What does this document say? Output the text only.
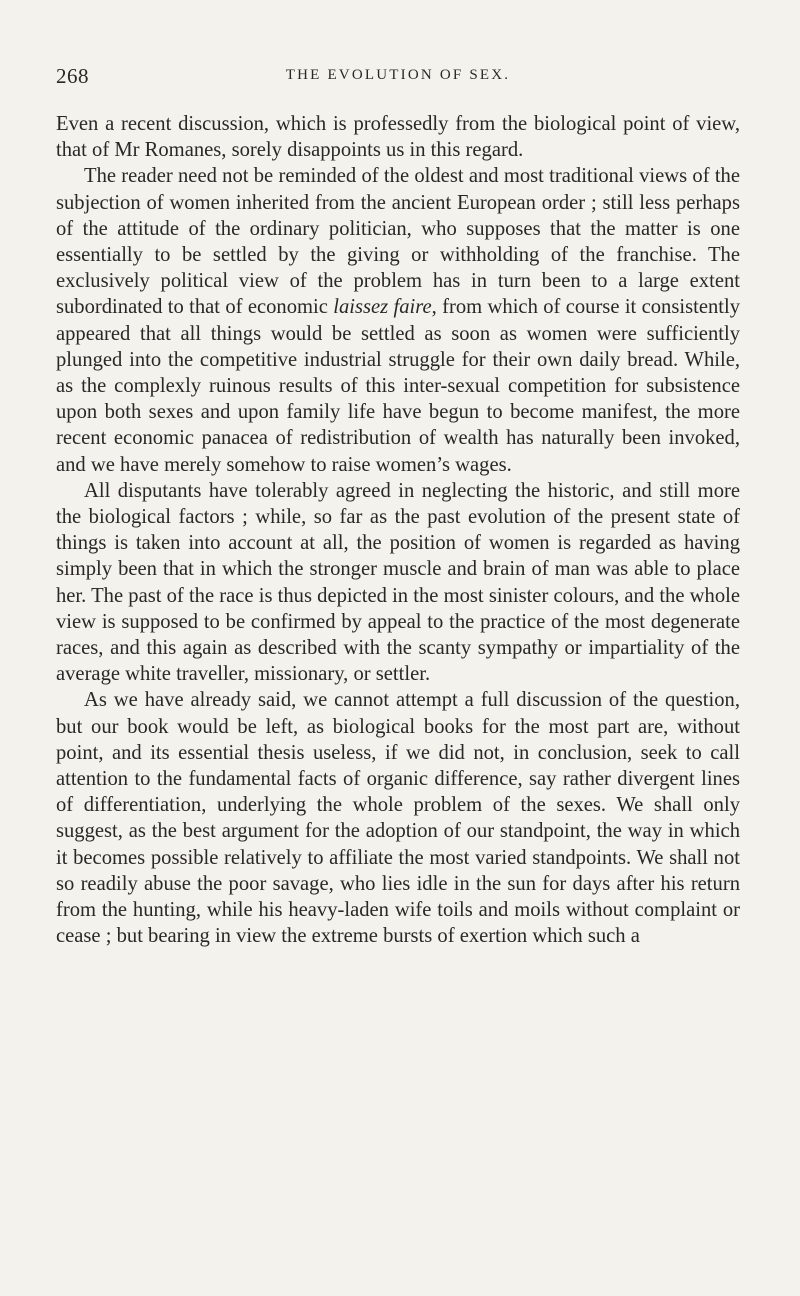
268	THE EVOLUTION OF SEX.

Even a recent discussion, which is professedly from the biological point of view, that of Mr Romanes, sorely disappoints us in this regard.

The reader need not be reminded of the oldest and most traditional views of the subjection of women inherited from the ancient European order ; still less perhaps of the attitude of the ordinary politician, who supposes that the matter is one essentially to be settled by the giving or withholding of the franchise. The exclusively political view of the problem has in turn been to a large extent subordinated to that of economic laissez faire, from which of course it consistently appeared that all things would be settled as soon as women were sufficiently plunged into the competitive industrial struggle for their own daily bread. While, as the complexly ruinous results of this inter-sexual competition for subsistence upon both sexes and upon family life have begun to become manifest, the more recent economic panacea of redistribution of wealth has naturally been invoked, and we have merely somehow to raise women’s wages.

All disputants have tolerably agreed in neglecting the historic, and still more the biological factors ; while, so far as the past evolution of the present state of things is taken into account at all, the position of women is regarded as having simply been that in which the stronger muscle and brain of man was able to place her. The past of the race is thus depicted in the most sinister colours, and the whole view is supposed to be confirmed by appeal to the practice of the most degenerate races, and this again as described with the scanty sympathy or impartiality of the average white traveller, missionary, or settler.

As we have already said, we cannot attempt a full discussion of the question, but our book would be left, as biological books for the most part are, without point, and its essential thesis useless, if we did not, in conclusion, seek to call attention to the fundamental facts of organic difference, say rather divergent lines of differentiation, underlying the whole problem of the sexes. We shall only suggest, as the best argument for the adoption of our standpoint, the way in which it becomes possible relatively to affiliate the most varied standpoints. We shall not so readily abuse the poor savage, who lies idle in the sun for days after his return from the hunting, while his heavy-laden wife toils and moils without complaint or cease ; but bearing in view the extreme bursts of exertion which such a
